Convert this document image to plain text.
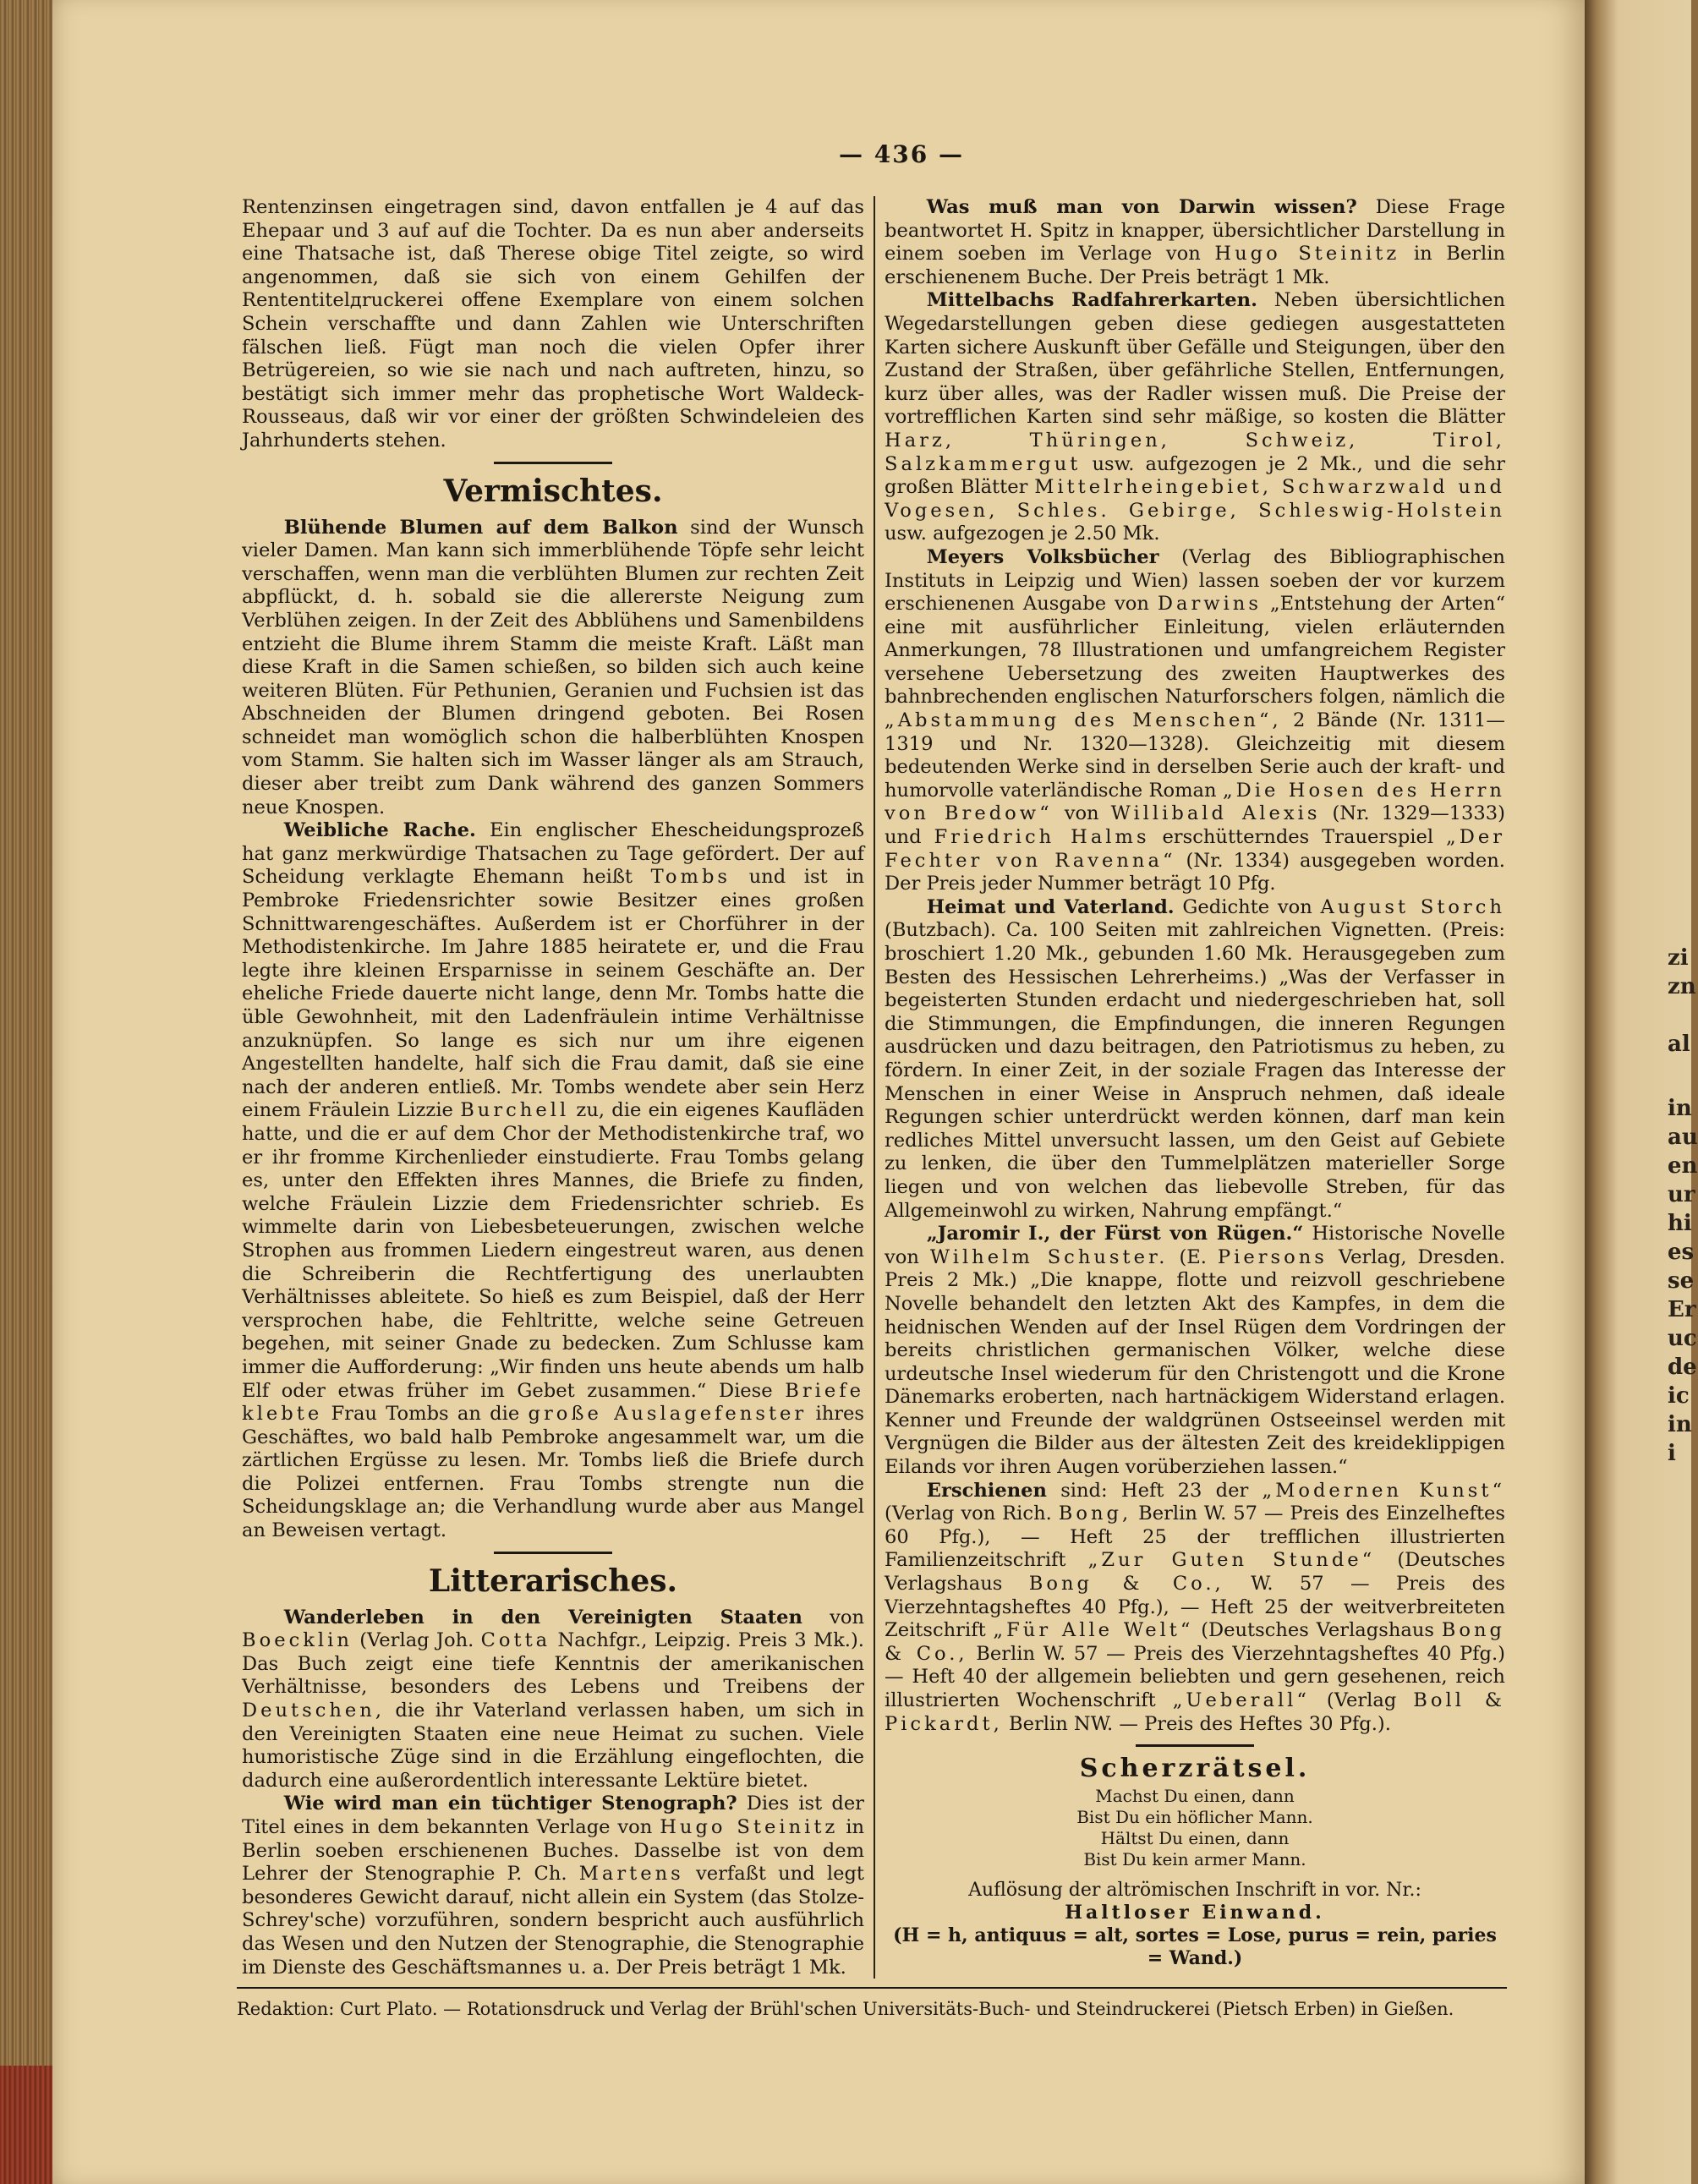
zi
zn
al
in
au
en
ur
hi
es
se
Er
uc
de
ic
in
i
— 436 —

Rentenzinsen eingetragen sind, davon entfallen je 4 auf das Ehepaar und 3 auf auf die Tochter. Da es nun aber anderseits eine Thatsache ist, daß Therese obige Titel zeigte, so wird angenommen, daß sie sich von einem Gehilfen der Rententitelдruckerei offene Exemplare von einem solchen Schein verschaffte und dann Zahlen wie Unterschriften fälschen ließ. Fügt man noch die vielen Opfer ihrer Betrügereien, so wie sie nach und nach auftreten, hinzu, so bestätigt sich immer mehr das prophetische Wort Waldeck-Rousseaus, daß wir vor einer der größten Schwindeleien des Jahrhunderts stehen.

Vermischtes.

Blühende Blumen auf dem Balkon sind der Wunsch vieler Damen. Man kann sich immerblühende Töpfe sehr leicht verschaffen, wenn man die verblühten Blumen zur rechten Zeit abpflückt, d. h. sobald sie die allererste Neigung zum Verblühen zeigen. In der Zeit des Abblühens und Samenbildens entzieht die Blume ihrem Stamm die meiste Kraft. Läßt man diese Kraft in die Samen schießen, so bilden sich auch keine weiteren Blüten. Für Pethunien, Geranien und Fuchsien ist das Abschneiden der Blumen dringend geboten. Bei Rosen schneidet man womöglich schon die halberblühten Knospen vom Stamm. Sie halten sich im Wasser länger als am Strauch, dieser aber treibt zum Dank während des ganzen Sommers neue Knospen.

Weibliche Rache. Ein englischer Ehescheidungsprozeß hat ganz merkwürdige Thatsachen zu Tage gefördert. Der auf Scheidung verklagte Ehemann heißt Tombs und ist in Pembroke Friedensrichter sowie Besitzer eines großen Schnittwarengeschäftes. Außerdem ist er Chorführer in der Methodistenkirche. Im Jahre 1885 heiratete er, und die Frau legte ihre kleinen Ersparnisse in seinem Geschäfte an. Der eheliche Friede dauerte nicht lange, denn Mr. Tombs hatte die üble Gewohnheit, mit den Ladenfräulein intime Verhältnisse anzuknüpfen. So lange es sich nur um ihre eigenen Angestellten handelte, half sich die Frau damit, daß sie eine nach der anderen entließ. Mr. Tombs wendete aber sein Herz einem Fräulein Lizzie Burchell zu, die ein eigenes Kaufläden hatte, und die er auf dem Chor der Methodistenkirche traf, wo er ihr fromme Kirchenlieder einstudierte. Frau Tombs gelang es, unter den Effekten ihres Mannes, die Briefe zu finden, welche Fräulein Lizzie dem Friedensrichter schrieb. Es wimmelte darin von Liebesbeteuerungen, zwischen welche Strophen aus frommen Liedern eingestreut waren, aus denen die Schreiberin die Rechtfertigung des unerlaubten Verhältnisses ableitete. So hieß es zum Beispiel, daß der Herr versprochen habe, die Fehltritte, welche seine Getreuen begehen, mit seiner Gnade zu bedecken. Zum Schlusse kam immer die Aufforderung: „Wir finden uns heute abends um halb Elf oder etwas früher im Gebet zusammen.“ Diese Briefe klebte Frau Tombs an die große Auslagefenster ihres Geschäftes, wo bald halb Pembroke angesammelt war, um die zärtlichen Ergüsse zu lesen. Mr. Tombs ließ die Briefe durch die Polizei entfernen. Frau Tombs strengte nun die Scheidungsklage an; die Verhandlung wurde aber aus Mangel an Beweisen vertagt.

Litterarisches.

Wanderleben in den Vereinigten Staaten von Boecklin (Verlag Joh. Cotta Nachfgr., Leipzig. Preis 3 Mk.). Das Buch zeigt eine tiefe Kenntnis der amerikanischen Verhältnisse, besonders des Lebens und Treibens der Deutschen, die ihr Vaterland verlassen haben, um sich in den Vereinigten Staaten eine neue Heimat zu suchen. Viele humoristische Züge sind in die Erzählung eingeflochten, die dadurch eine außerordentlich interessante Lektüre bietet.

Wie wird man ein tüchtiger Stenograph? Dies ist der Titel eines in dem bekannten Verlage von Hugo Steinitz in Berlin soeben erschienenen Buches. Dasselbe ist von dem Lehrer der Stenographie P. Ch. Martens verfaßt und legt besonderes Gewicht darauf, nicht allein ein System (das Stolze-Schrey'sche) vorzuführen, sondern bespricht auch ausführlich das Wesen und den Nutzen der Stenographie, die Stenographie im Dienste des Geschäftsmannes u. a. Der Preis beträgt 1 Mk.

Was muß man von Darwin wissen? Diese Frage beantwortet H. Spitz in knapper, übersichtlicher Darstellung in einem soeben im Verlage von Hugo Steinitz in Berlin erschienenem Buche. Der Preis beträgt 1 Mk.

Mittelbachs Radfahrerkarten. Neben übersichtlichen Wegedarstellungen geben diese gediegen ausgestatteten Karten sichere Auskunft über Gefälle und Steigungen, über den Zustand der Straßen, über gefährliche Stellen, Entfernungen, kurz über alles, was der Radler wissen muß. Die Preise der vortrefflichen Karten sind sehr mäßige, so kosten die Blätter Harz, Thüringen, Schweiz, Tirol, Salzkammergut usw. aufgezogen je 2 Mk., und die sehr großen Blätter Mittelrheingebiet, Schwarzwald und Vogesen, Schles. Gebirge, Schleswig-Holstein usw. aufgezogen je 2.50 Mk.

Meyers Volksbücher (Verlag des Bibliographischen Instituts in Leipzig und Wien) lassen soeben der vor kurzem erschienenen Ausgabe von Darwins „Entstehung der Arten“ eine mit ausführlicher Einleitung, vielen erläuternden Anmerkungen, 78 Illustrationen und umfangreichem Register versehene Uebersetzung des zweiten Hauptwerkes des bahnbrechenden englischen Naturforschers folgen, nämlich die „Abstammung des Menschen“, 2 Bände (Nr. 1311—1319 und Nr. 1320—1328). Gleichzeitig mit diesem bedeutenden Werke sind in derselben Serie auch der kraft- und humorvolle vaterländische Roman „Die Hosen des Herrn von Bredow“ von Willibald Alexis (Nr. 1329—1333) und Friedrich Halms erschütterndes Trauerspiel „Der Fechter von Ravenna“ (Nr. 1334) ausgegeben worden. Der Preis jeder Nummer beträgt 10 Pfg.

Heimat und Vaterland. Gedichte von August Storch (Butzbach). Ca. 100 Seiten mit zahlreichen Vignetten. (Preis: broschiert 1.20 Mk., gebunden 1.60 Mk. Herausgegeben zum Besten des Hessischen Lehrerheims.) „Was der Verfasser in begeisterten Stunden erdacht und niedergeschrieben hat, soll die Stimmungen, die Empfindungen, die inneren Regungen ausdrücken und dazu beitragen, den Patriotismus zu heben, zu fördern. In einer Zeit, in der soziale Fragen das Interesse der Menschen in einer Weise in Anspruch nehmen, daß ideale Regungen schier unterdrückt werden können, darf man kein redliches Mittel unversucht lassen, um den Geist auf Gebiete zu lenken, die über den Tummelplätzen materieller Sorge liegen und von welchen das liebevolle Streben, für das Allgemeinwohl zu wirken, Nahrung empfängt.“

„Jaromir I., der Fürst von Rügen.“ Historische Novelle von Wilhelm Schuster. (E. Piersons Verlag, Dresden. Preis 2 Mk.) „Die knappe, flotte und reizvoll geschriebene Novelle behandelt den letzten Akt des Kampfes, in dem die heidnischen Wenden auf der Insel Rügen dem Vordringen der bereits christlichen germanischen Völker, welche diese urdeutsche Insel wiederum für den Christengott und die Krone Dänemarks eroberten, nach hartnäckigem Widerstand erlagen. Kenner und Freunde der waldgrünen Ostseeinsel werden mit Vergnügen die Bilder aus der ältesten Zeit des kreideklippigen Eilands vor ihren Augen vorüberziehen lassen.“

Erschienen sind: Heft 23 der „Modernen Kunst“ (Verlag von Rich. Bong, Berlin W. 57 — Preis des Einzelheftes 60 Pfg.), — Heft 25 der trefflichen illustrierten Familienzeitschrift „Zur Guten Stunde“ (Deutsches Verlagshaus Bong & Co., W. 57 — Preis des Vierzehntagsheftes 40 Pfg.), — Heft 25 der weitverbreiteten Zeitschrift „Für Alle Welt“ (Deutsches Verlagshaus Bong & Co., Berlin W. 57 — Preis des Vierzehntagsheftes 40 Pfg.) — Heft 40 der allgemein beliebten und gern gesehenen, reich illustrierten Wochenschrift „Ueberall“ (Verlag Boll & Pickardt, Berlin NW. — Preis des Heftes 30 Pfg.).

Scherzrätsel.
Machst Du einen, dann
Bist Du ein höflicher Mann.
Hältst Du einen, dann
Bist Du kein armer Mann.
Auflösung der altrömischen Inschrift in vor. Nr.:
Haltloser Einwand.
(H = h, antiquus = alt, sortes = Lose, purus = rein, paries = Wand.)
Redaktion: Curt Plato. — Rotationsdruck und Verlag der Brühl'schen Universitäts-Buch- und Steindruckerei (Pietsch Erben) in Gießen.
